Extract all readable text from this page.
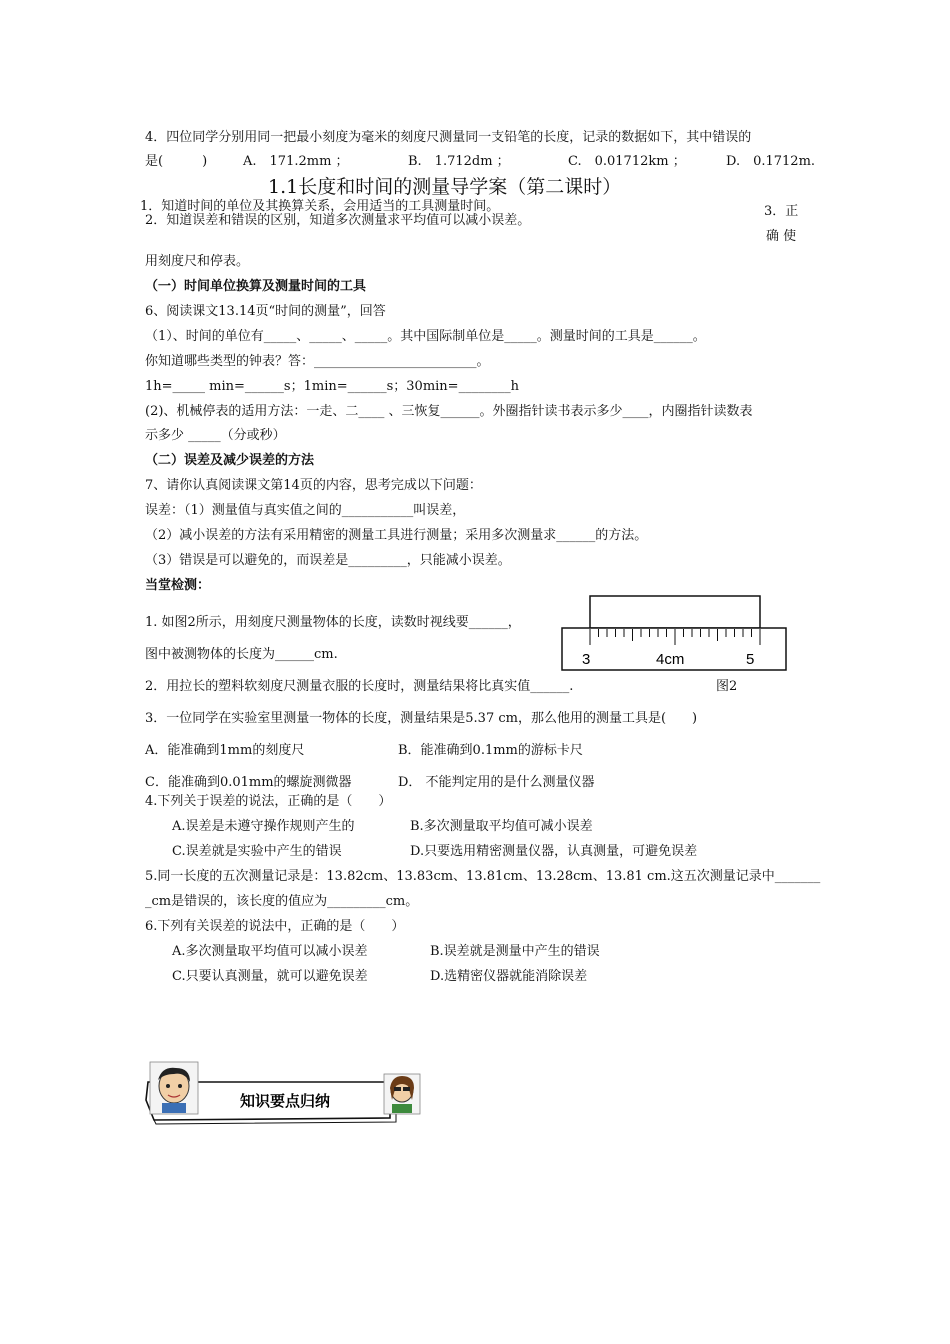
4．四位同学分别用同一把最小刻度为毫米的刻度尺测量同一支铅笔的长度，记录的数据如下，其中错误的
是(　　　)	A.　171.2mm ；	B.　1.712dm ；	C.　0.01712km ；	D.　0.1712m.
1.1长度和时间的测量导学案（第二课时）
1．知道时间的单位及其换算关系，会用适当的工具测量时间。
2．知道误差和错误的区别，知道多次测量求平均值可以减小误差。
3．正
确 使
用刻度尺和停表。
（一）时间单位换算及测量时间的工具
6、阅读课文13.14页“时间的测量”，回答
（1）、时间的单位有_____、_____、_____。其中国际制单位是_____。测量时间的工具是______。
你知道哪些类型的钟表？答：_________________________。
1h=_____ min=______s；1min=______s；30min=________h
(2)、机械停表的适用方法：一走、二____ 、三恢复______。外圈指针读书表示多少____，内圈指针读数表
示多少 _____（分或秒）
（二）误差及减少误差的方法
7、请你认真阅读课文第14页的内容，思考完成以下问题：
误差：（1）测量值与真实值之间的___________叫误差，
（2）减小误差的方法有采用精密的测量工具进行测量；采用多次测量求______的方法。
（3）错误是可以避免的，而误差是_________，只能减小误差。
当堂检测：
1. 如图2所示，用刻度尺测量物体的长度，读数时视线要______，
图中被测物体的长度为______cm.
2．用拉长的塑料软刻度尺测量衣服的长度时，测量结果将比真实值______.	图2
3．一位同学在实验室里测量一物体的长度，测量结果是5.37 cm，那么他用的测量工具是(　　)
A．能准确到1mm的刻度尺	B．能准确到0.1mm的游标卡尺
C．能准确到0.01mm的螺旋测微器	D． 不能判定用的是什么测量仪器
4.下列关于误差的说法，正确的是（　　）
A.误差是未遵守操作规则产生的	B.多次测量取平均值可减小误差
C.误差就是实验中产生的错误	D.只要选用精密测量仪器，认真测量，可避免误差
5.同一长度的五次测量记录是：13.82cm、13.83cm、13.81cm、13.28cm、13.81 cm.这五次测量记录中_______
_cm是错误的，该长度的值应为_________cm。
6.下列有关误差的说法中，正确的是（　　）
A.多次测量取平均值可以减小误差	B.误差就是测量中产生的错误
C.只要认真测量，就可以避免误差	D.选精密仪器就能消除误差
3	4cm	5
知识要点归纳
